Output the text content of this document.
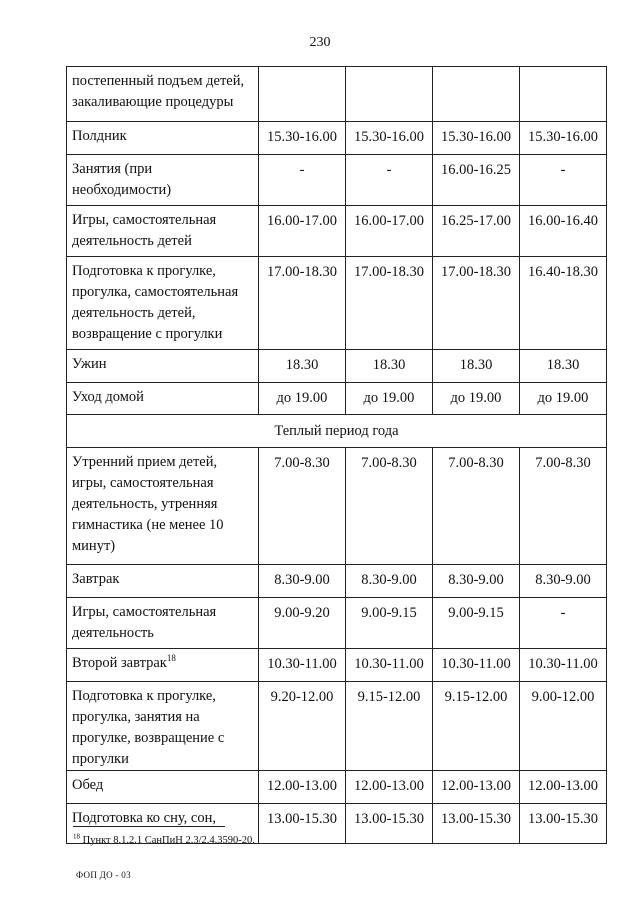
230
постепенный подъем детей, закаливающие процедуры				
Полдник	15.30-16.00	15.30-16.00	15.30-16.00	15.30-16.00
Занятия (при необходимости)	-	-	16.00-16.25	-
Игры, самостоятельная деятельность детей	16.00-17.00	16.00-17.00	16.25-17.00	16.00-16.40
Подготовка к прогулке, прогулка, самостоятельная деятельность детей, возвращение с прогулки	17.00-18.30	17.00-18.30	17.00-18.30	16.40-18.30
Ужин	18.30	18.30	18.30	18.30
Уход домой	до 19.00	до 19.00	до 19.00	до 19.00
Теплый период года				
Утренний прием детей, игры, самостоятельная деятельность, утренняя гимнастика (не менее 10 минут)	7.00-8.30	7.00-8.30	7.00-8.30	7.00-8.30
Завтрак	8.30-9.00	8.30-9.00	8.30-9.00	8.30-9.00
Игры, самостоятельная деятельность	9.00-9.20	9.00-9.15	9.00-9.15	-
Второй завтрак$^{18}$	10.30-11.00	10.30-11.00	10.30-11.00	10.30-11.00
Подготовка к прогулке, прогулка, занятия на прогулке, возвращение с прогулки	9.20-12.00	9.15-12.00	9.15-12.00	9.00-12.00
Обед	12.00-13.00	12.00-13.00	12.00-13.00	12.00-13.00
Подготовка ко сну, сон,	13.00-15.30	13.00-15.30	13.00-15.30	13.00-15.30
$^{18}$ Пункт 8.1.2.1 СанПиН 2.3/2.4.3590-20.
ФОП ДО - 03
